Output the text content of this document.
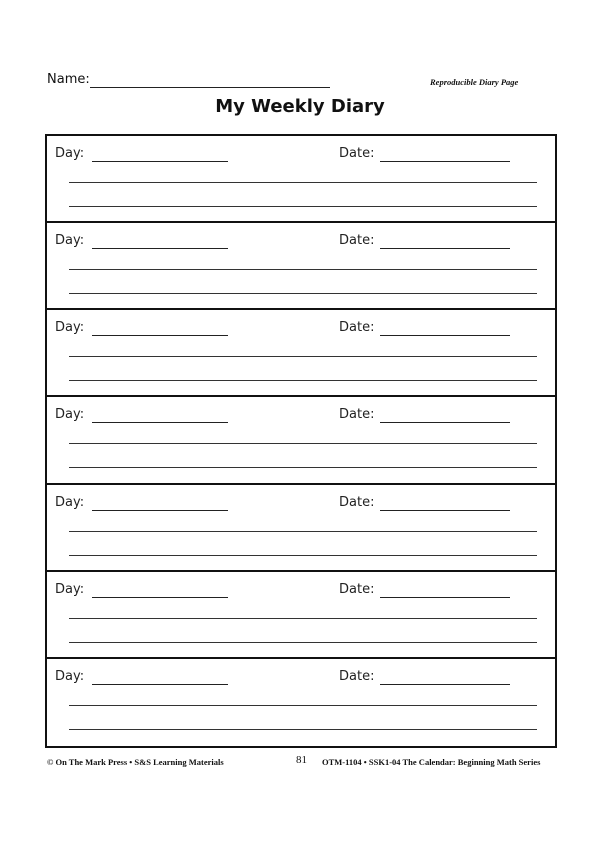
Name:	Reproducible Diary Page
My Weekly Diary
Day:	Date:
Day:	Date:
Day:	Date:
Day:	Date:
Day:	Date:
Day:	Date:
Day:	Date:
© On The Mark Press • S&S Learning Materials	81 OTM-1104 • SSK1-04 The Calendar: Beginning Math Series
